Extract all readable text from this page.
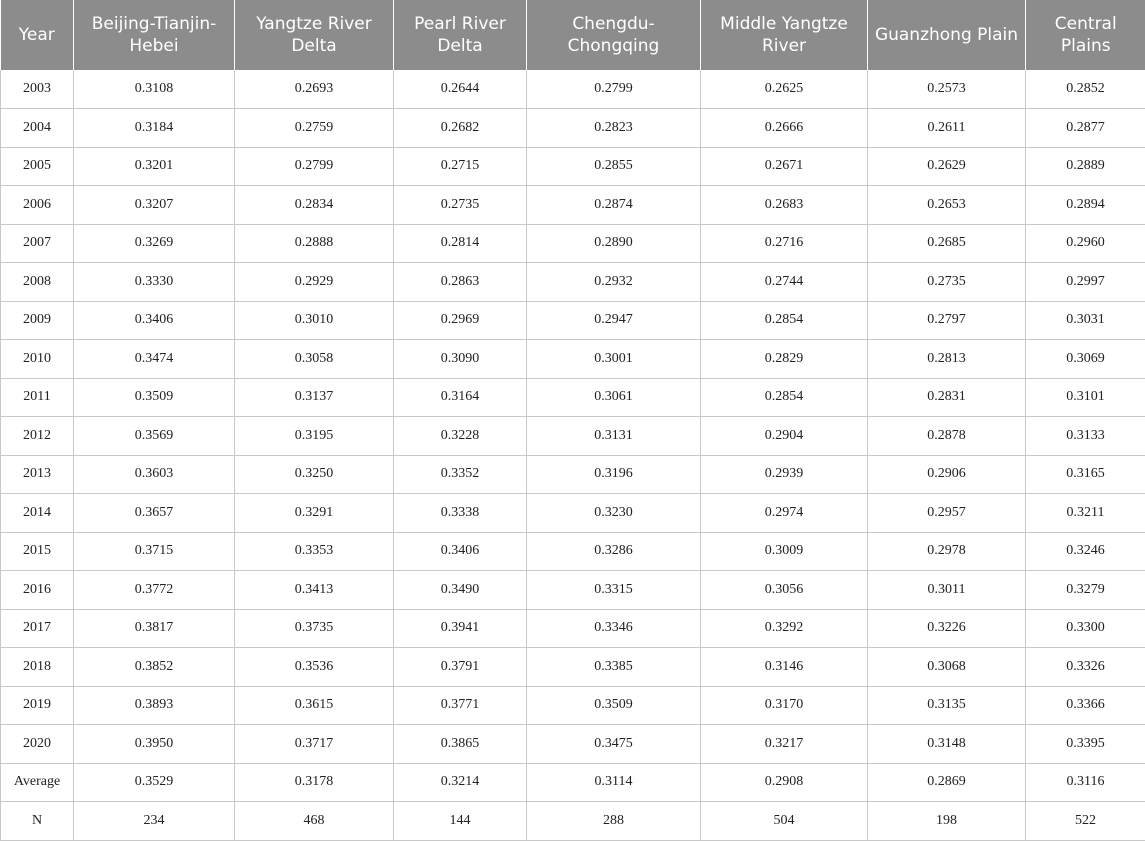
Year	Beijing-Tianjin-Hebei	Yangtze River Delta	Pearl River Delta	Chengdu-Chongqing	Middle Yangtze River	Guanzhong Plain	Central Plains
2003	0.3108	0.2693	0.2644	0.2799	0.2625	0.2573	0.2852
2004	0.3184	0.2759	0.2682	0.2823	0.2666	0.2611	0.2877
2005	0.3201	0.2799	0.2715	0.2855	0.2671	0.2629	0.2889
2006	0.3207	0.2834	0.2735	0.2874	0.2683	0.2653	0.2894
2007	0.3269	0.2888	0.2814	0.2890	0.2716	0.2685	0.2960
2008	0.3330	0.2929	0.2863	0.2932	0.2744	0.2735	0.2997
2009	0.3406	0.3010	0.2969	0.2947	0.2854	0.2797	0.3031
2010	0.3474	0.3058	0.3090	0.3001	0.2829	0.2813	0.3069
2011	0.3509	0.3137	0.3164	0.3061	0.2854	0.2831	0.3101
2012	0.3569	0.3195	0.3228	0.3131	0.2904	0.2878	0.3133
2013	0.3603	0.3250	0.3352	0.3196	0.2939	0.2906	0.3165
2014	0.3657	0.3291	0.3338	0.3230	0.2974	0.2957	0.3211
2015	0.3715	0.3353	0.3406	0.3286	0.3009	0.2978	0.3246
2016	0.3772	0.3413	0.3490	0.3315	0.3056	0.3011	0.3279
2017	0.3817	0.3735	0.3941	0.3346	0.3292	0.3226	0.3300
2018	0.3852	0.3536	0.3791	0.3385	0.3146	0.3068	0.3326
2019	0.3893	0.3615	0.3771	0.3509	0.3170	0.3135	0.3366
2020	0.3950	0.3717	0.3865	0.3475	0.3217	0.3148	0.3395
Average	0.3529	0.3178	0.3214	0.3114	0.2908	0.2869	0.3116
N	234	468	144	288	504	198	522
